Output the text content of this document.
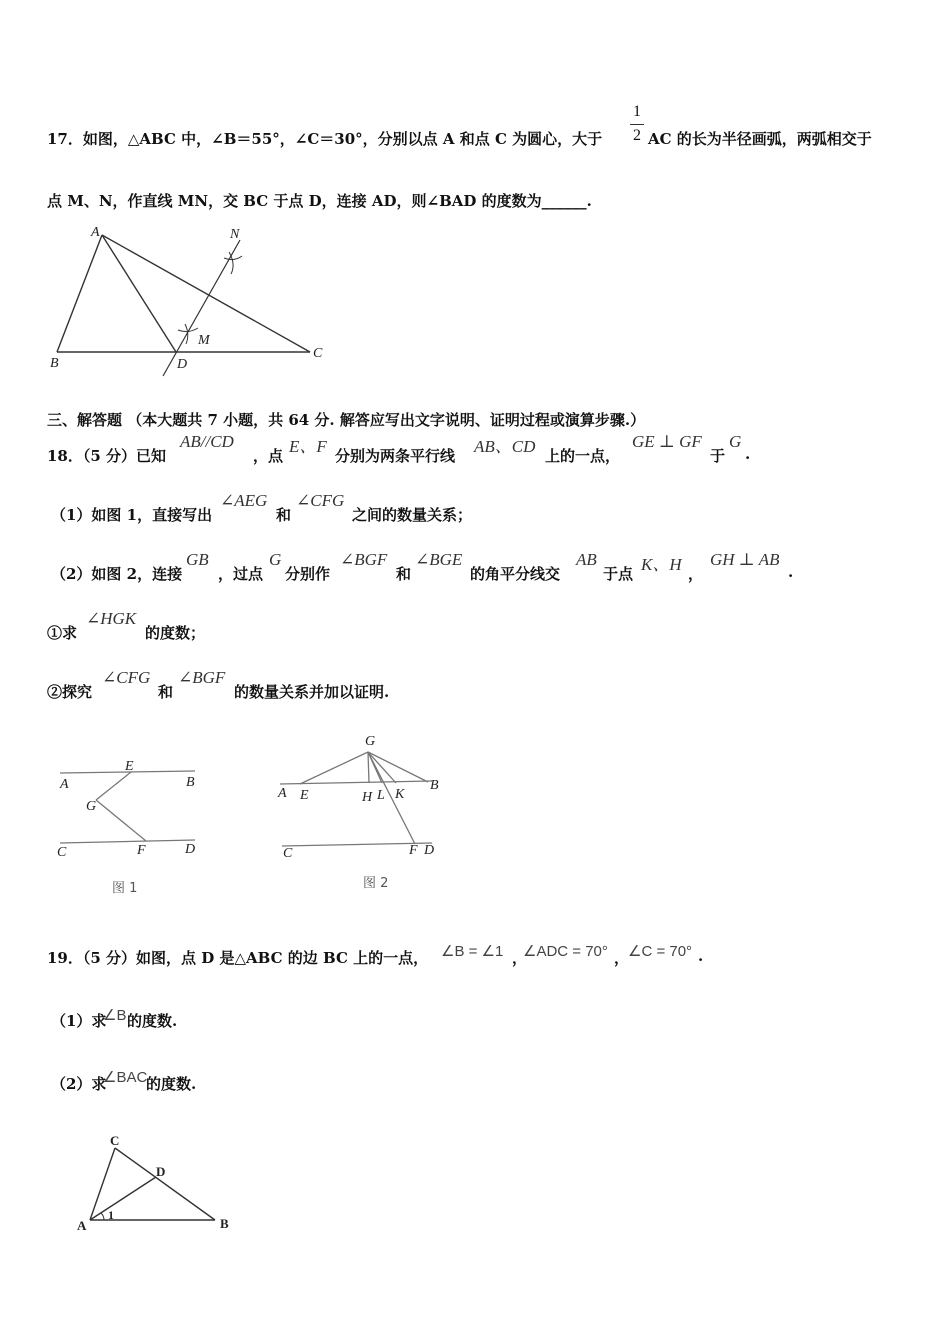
17．如图，△ABC 中，∠B＝55°，∠C＝30°，分别以点 A 和点 C 为圆心，大于
1
2 AC 的长为半径画弧，两弧相交于
点 M、N，作直线 MN，交 BC 于点 D，连接 AD，则∠BAD 的度数为______.
A
B
C
D
M
N
三、解答题 （本大题共 7 小题，共 64 分. 解答应写出文字说明、证明过程或演算步骤.）
18．（5 分）已知
AB//CD
，点 E、F 分别为两条平行线 AB、CD 上的一点，
GE ⊥ GF
于
G
.
（1）如图 1，直接写出
∠AEG
和
∠CFG
之间的数量关系；
（2）如图 2，连接
GB
，过点
G
分别作
∠BGF
和
∠BGE
的角平分线交
AB
于点 K、H ，
GH ⊥ AB
.
①求
∠HGK
的度数；
②探究
∠CFG
和
∠BGF
的数量关系并加以证明.
A	B
C	D
E
F
G
图 1
A E	H L K
B
G
C	F D
图 2
19．（5 分）如图，点 D 是△ABC 的边 BC 上的一点， ∠B = ∠1 ，
∠ADC = 70° ，
∠C = 70° .
（1）求
∠B 的度数.
（2）求
∠BAC
的度数.
C
D
A	B
1
